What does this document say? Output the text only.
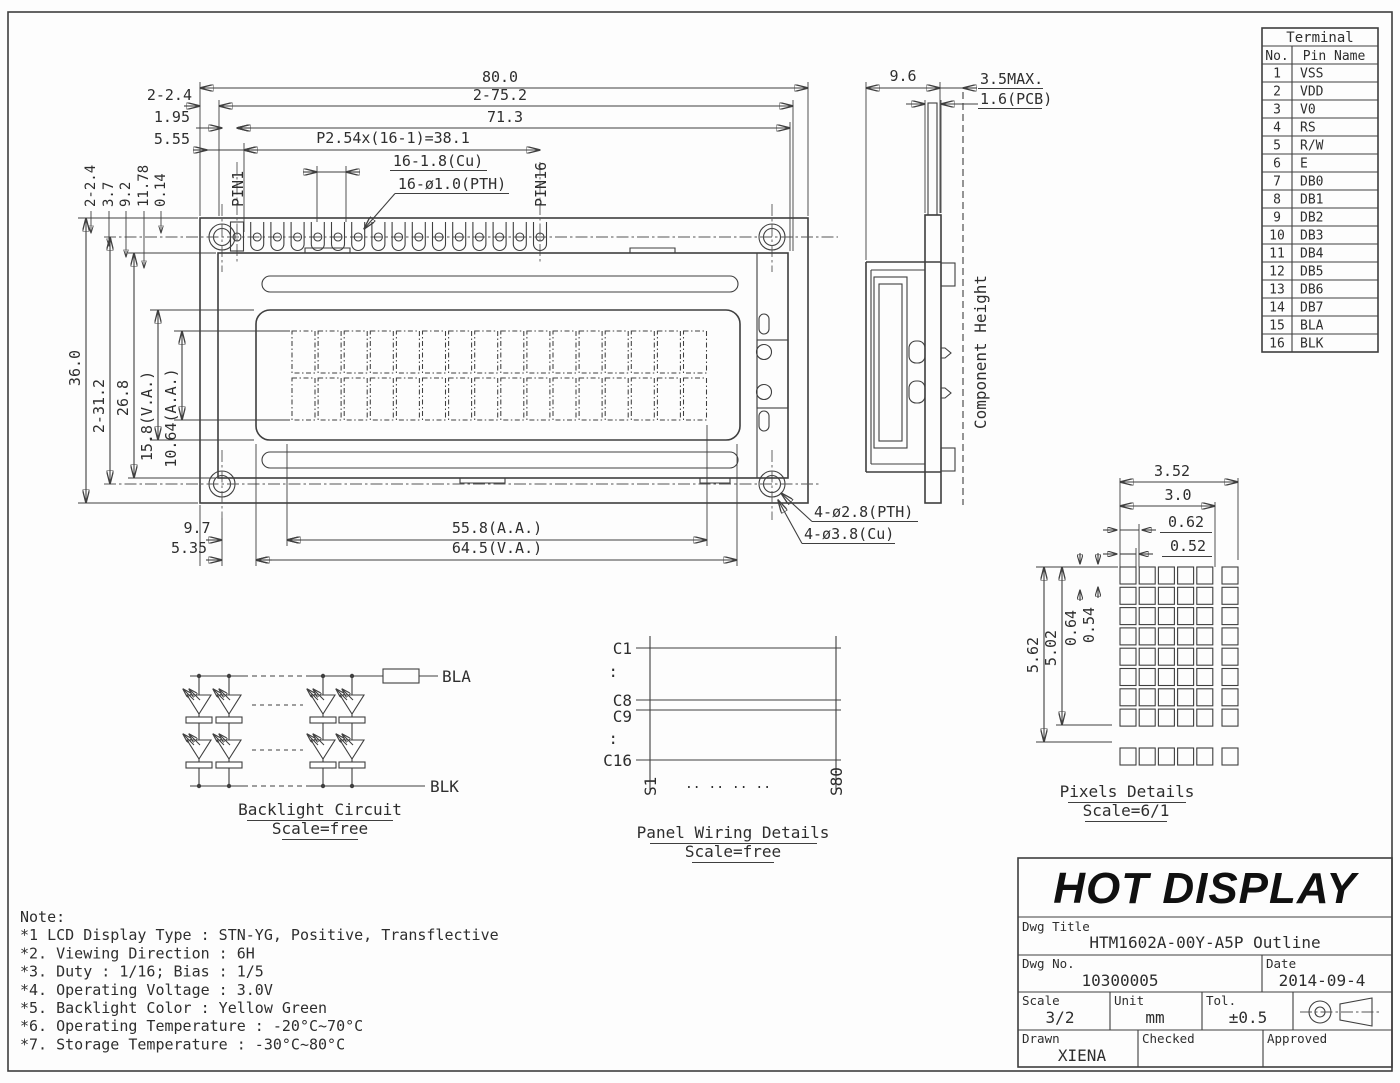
80.0
2-2.4	2-75.2
1.95	71.3
5.55	P2.54x(16-1)=38.1
16-1.8(Cu)
16-ø1.0(PTH)
PIN1	PIN16
2-2.4 3.7 9.2 11.78 0.14
36.0
2-31.2 26.8 15.8(V.A.) 10.64(A.A.)
9.7	55.8(A.A.)
5.35	64.5(V.A.)
4-ø2.8(PTH)
4-ø3.8(Cu)
9.6	3.5MAX.
1.6(PCB)
Component Height
BLA
BLK
Backlight Circuit
Scale=free
C1
:
C8
C9
:
C16
S1	S80
.. .. .. ..
Panel Wiring Details
Scale=free
3.52
3.0
0.62
0.52
5.62 5.02
0.64 0.54
Pixels Details
Scale=6/1
Terminal
No. Pin Name
1 VSS
2 VDD
3 V0
4 RS
5 R/W
6 E
7 DB0
8 DB1
9 DB2
10 DB3
11 DB4
12 DB5
13 DB6
14 DB7
15 BLA
16 BLK
Note:
*1 LCD Display Type : STN-YG, Positive, Transflective
*2. Viewing Direction : 6H
*3. Duty : 1/16; Bias : 1/5
*4. Operating Voltage : 3.0V
*5. Backlight Color : Yellow Green
*6. Operating Temperature : -20°C~70°C
*7. Storage Temperature : -30°C~80°C
HOT DISPLAY
Dwg Title
HTM1602A-00Y-A5P Outline
Dwg No.
10300005
Date
2014-09-4
Scale
3/2
Unit
mm
Tol.
±0.5
Drawn
XIENA
Checked	Approved
